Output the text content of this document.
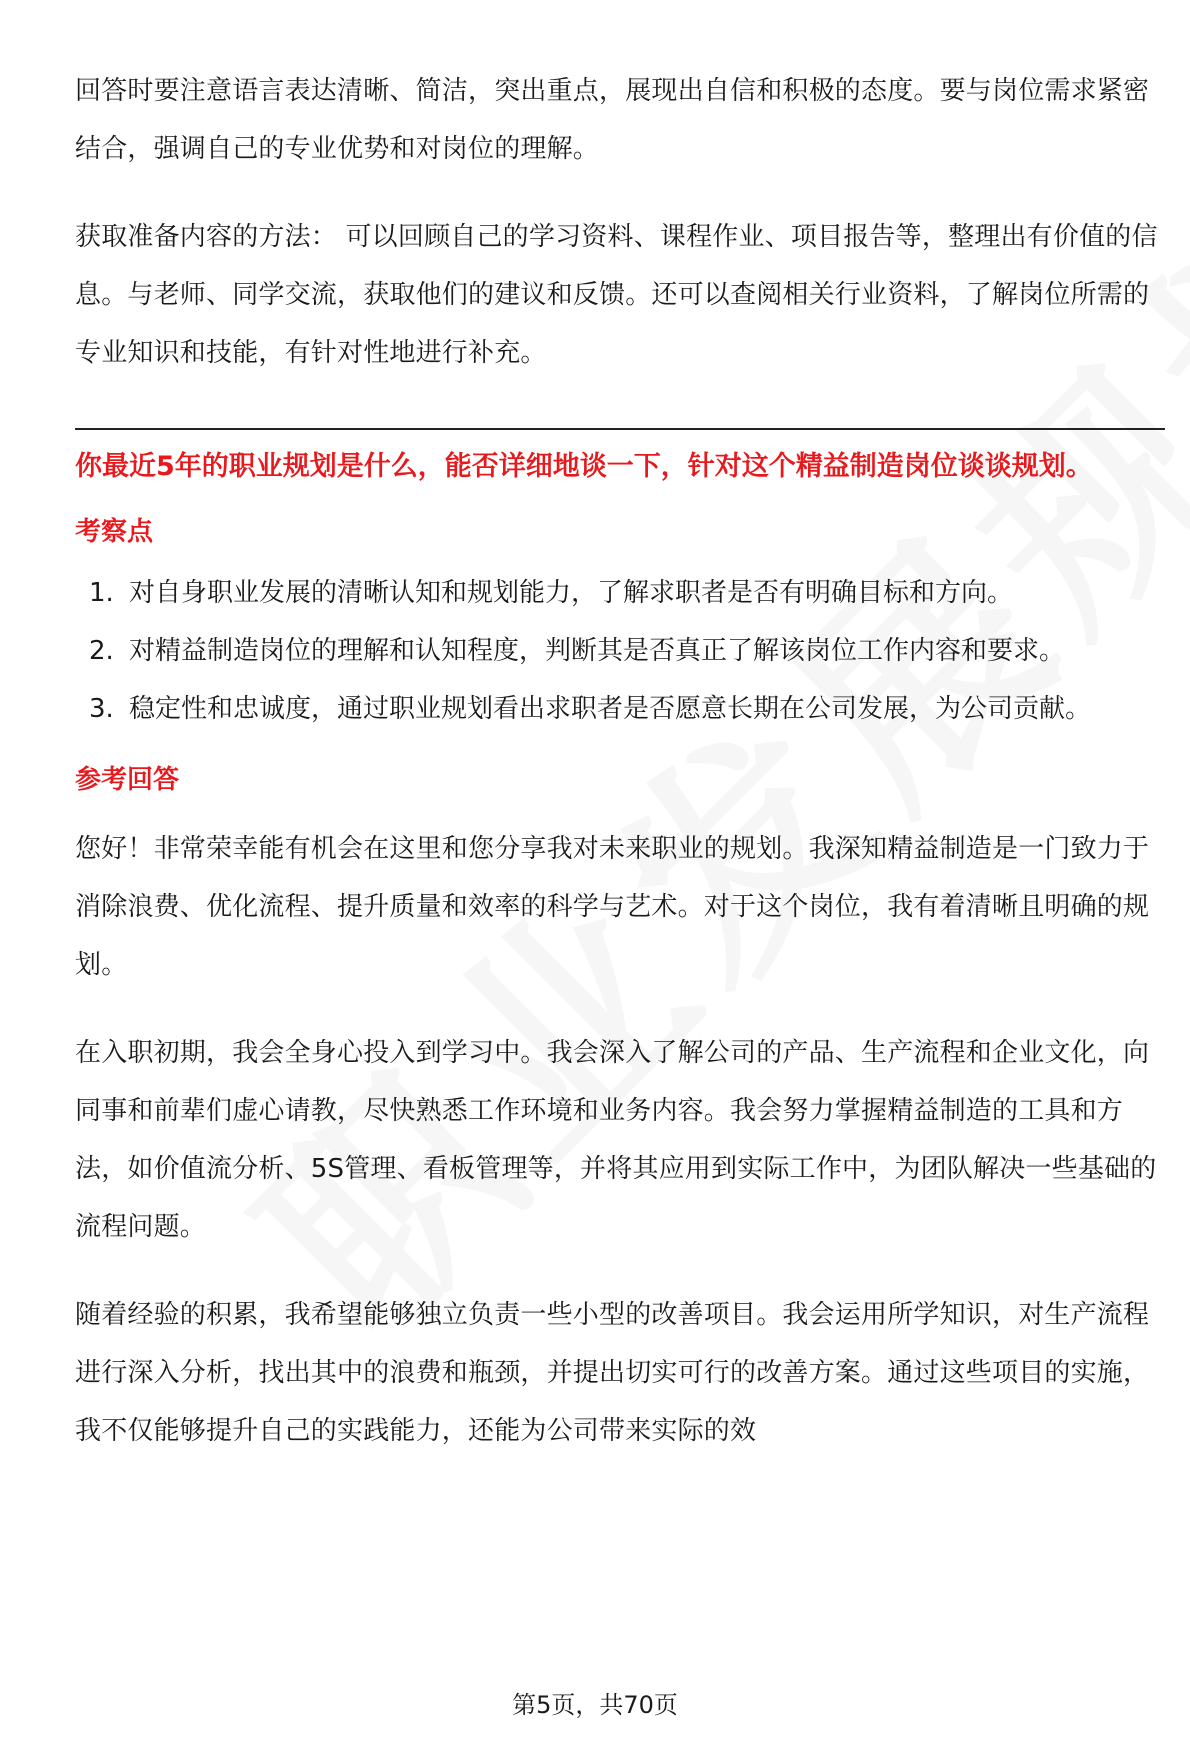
回答时要注意语言表达清晰、简洁，突出重点，展现出自信和积极的态度。要与岗位需求紧密结合，强调自己的专业优势和对岗位的理解。

获取准备内容的方法： 可以回顾自己的学习资料、课程作业、项目报告等，整理出有价值的信息。与老师、同学交流，获取他们的建议和反馈。还可以查阅相关行业资料，了解岗位所需的专业知识和技能，有针对性地进行补充。

你最近5年的职业规划是什么，能否详细地谈一下，针对这个精益制造岗位谈谈规划。

考察点
1. 对自身职业发展的清晰认知和规划能力，了解求职者是否有明确目标和方向。
2. 对精益制造岗位的理解和认知程度，判断其是否真正了解该岗位工作内容和要求。
3. 稳定性和忠诚度，通过职业规划看出求职者是否愿意长期在公司发展，为公司贡献。
参考回答

您好！非常荣幸能有机会在这里和您分享我对未来职业的规划。我深知精益制造是一门致力于消除浪费、优化流程、提升质量和效率的科学与艺术。对于这个岗位，我有着清晰且明确的规划。

在入职初期，我会全身心投入到学习中。我会深入了解公司的产品、生产流程和企业文化，向同事和前辈们虚心请教，尽快熟悉工作环境和业务内容。我会努力掌握精益制造的工具和方法，如价值流分析、5S管理、看板管理等，并将其应用到实际工作中，为团队解决一些基础的流程问题。

随着经验的积累，我希望能够独立负责一些小型的改善项目。我会运用所学知识，对生产流程进行深入分析，找出其中的浪费和瓶颈，并提出切实可行的改善方案。通过这些项目的实施，我不仅能够提升自己的实践能力，还能为公司带来实际的效

第5页，共70页
